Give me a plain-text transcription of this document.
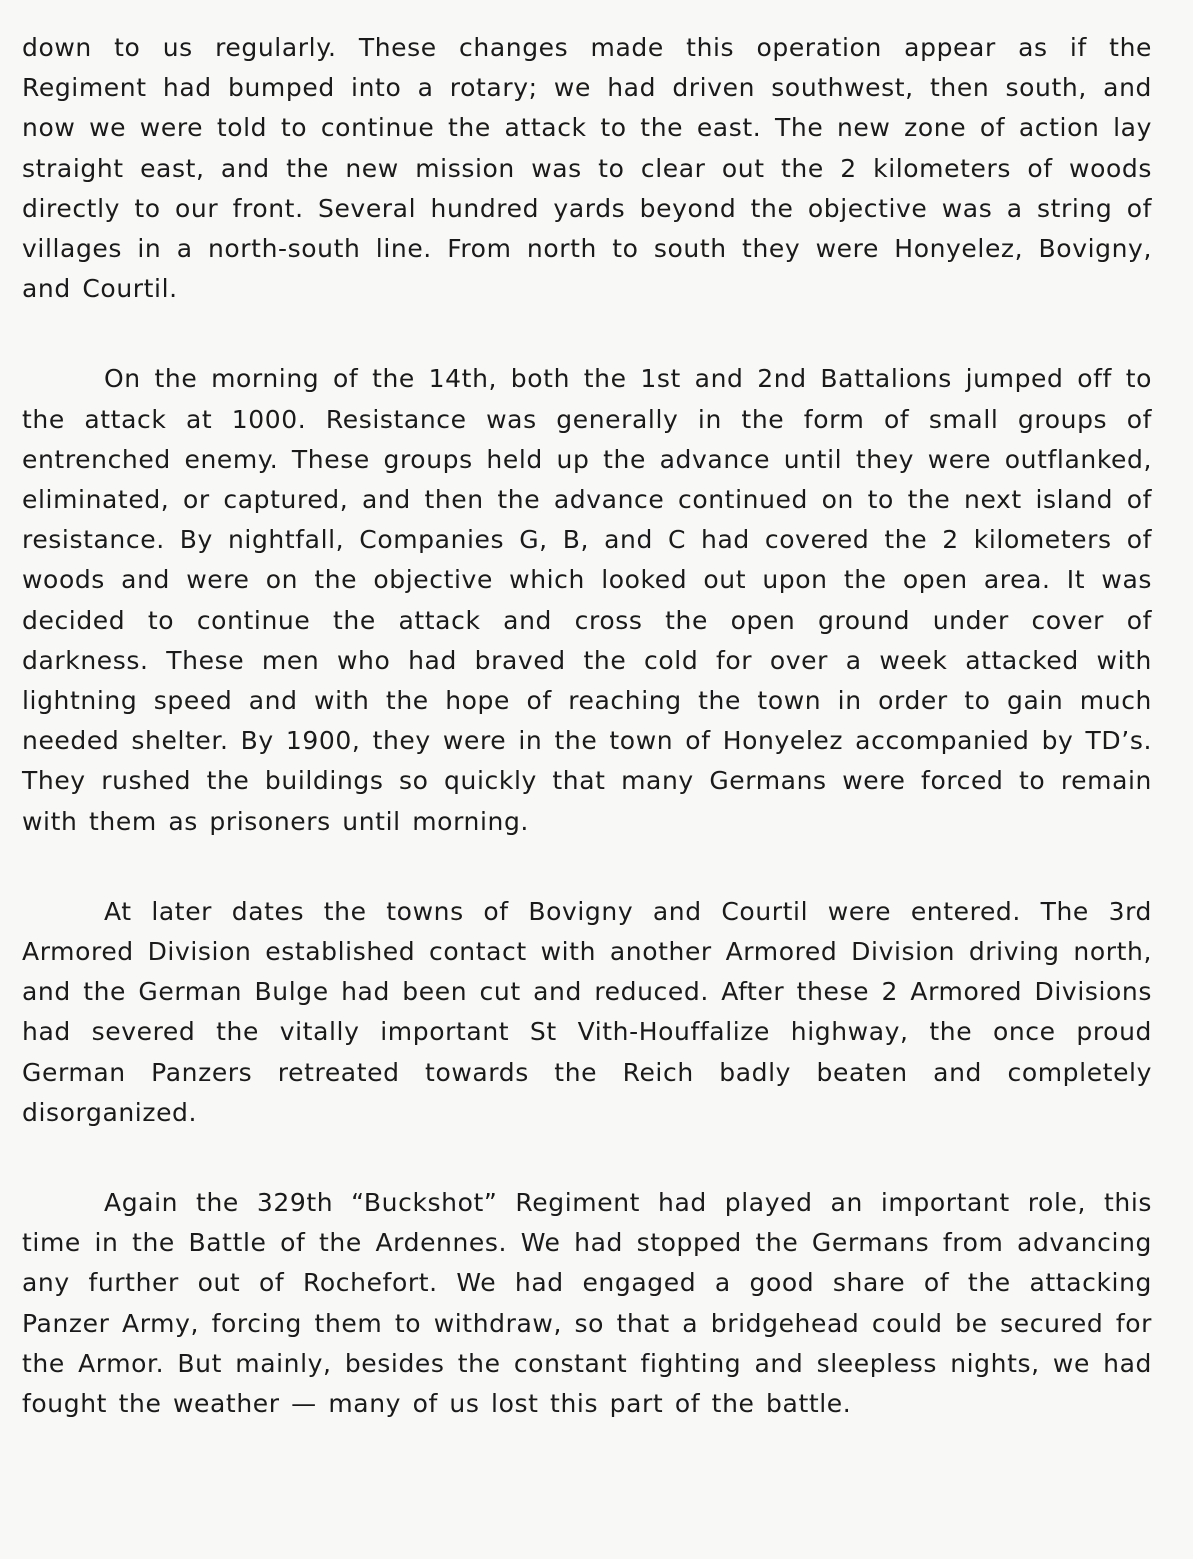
down to us regularly. These changes made this operation appear as if the Regiment had bumped into a rotary; we had driven southwest, then south, and now we were told to continue the attack to the east. The new zone of action lay straight east, and the new mission was to clear out the 2 kilometers of woods directly to our front. Several hundred yards beyond the objective was a string of villages in a north-south line. From north to south they were Honyelez, Bovigny, and Courtil.

On the morning of the 14th, both the 1st and 2nd Battalions jumped off to the attack at 1000. Resistance was generally in the form of small groups of entrenched enemy. These groups held up the advance until they were outflanked, eliminated, or captured, and then the advance continued on to the next island of resistance. By nightfall, Companies G, B, and C had covered the 2 kilometers of woods and were on the objective which looked out upon the open area. It was decided to continue the attack and cross the open ground under cover of darkness. These men who had braved the cold for over a week attacked with lightning speed and with the hope of reaching the town in order to gain much needed shelter. By 1900, they were in the town of Honyelez accompanied by TD’s. They rushed the buildings so quickly that many Germans were forced to remain with them as prisoners until morning.

At later dates the towns of Bovigny and Courtil were entered. The 3rd Armored Division established contact with another Armored Division driving north, and the German Bulge had been cut and reduced. After these 2 Armored Divisions had severed the vitally important St Vith-Houffalize highway, the once proud German Panzers retreated towards the Reich badly beaten and completely disorganized.

Again the 329th “Buckshot” Regiment had played an important role, this time in the Battle of the Ardennes. We had stopped the Germans from advancing any further out of Rochefort. We had engaged a good share of the attacking Panzer Army, forcing them to withdraw, so that a bridgehead could be secured for the Armor. But mainly, besides the constant fighting and sleepless nights, we had fought the weather — many of us lost this part of the battle.
